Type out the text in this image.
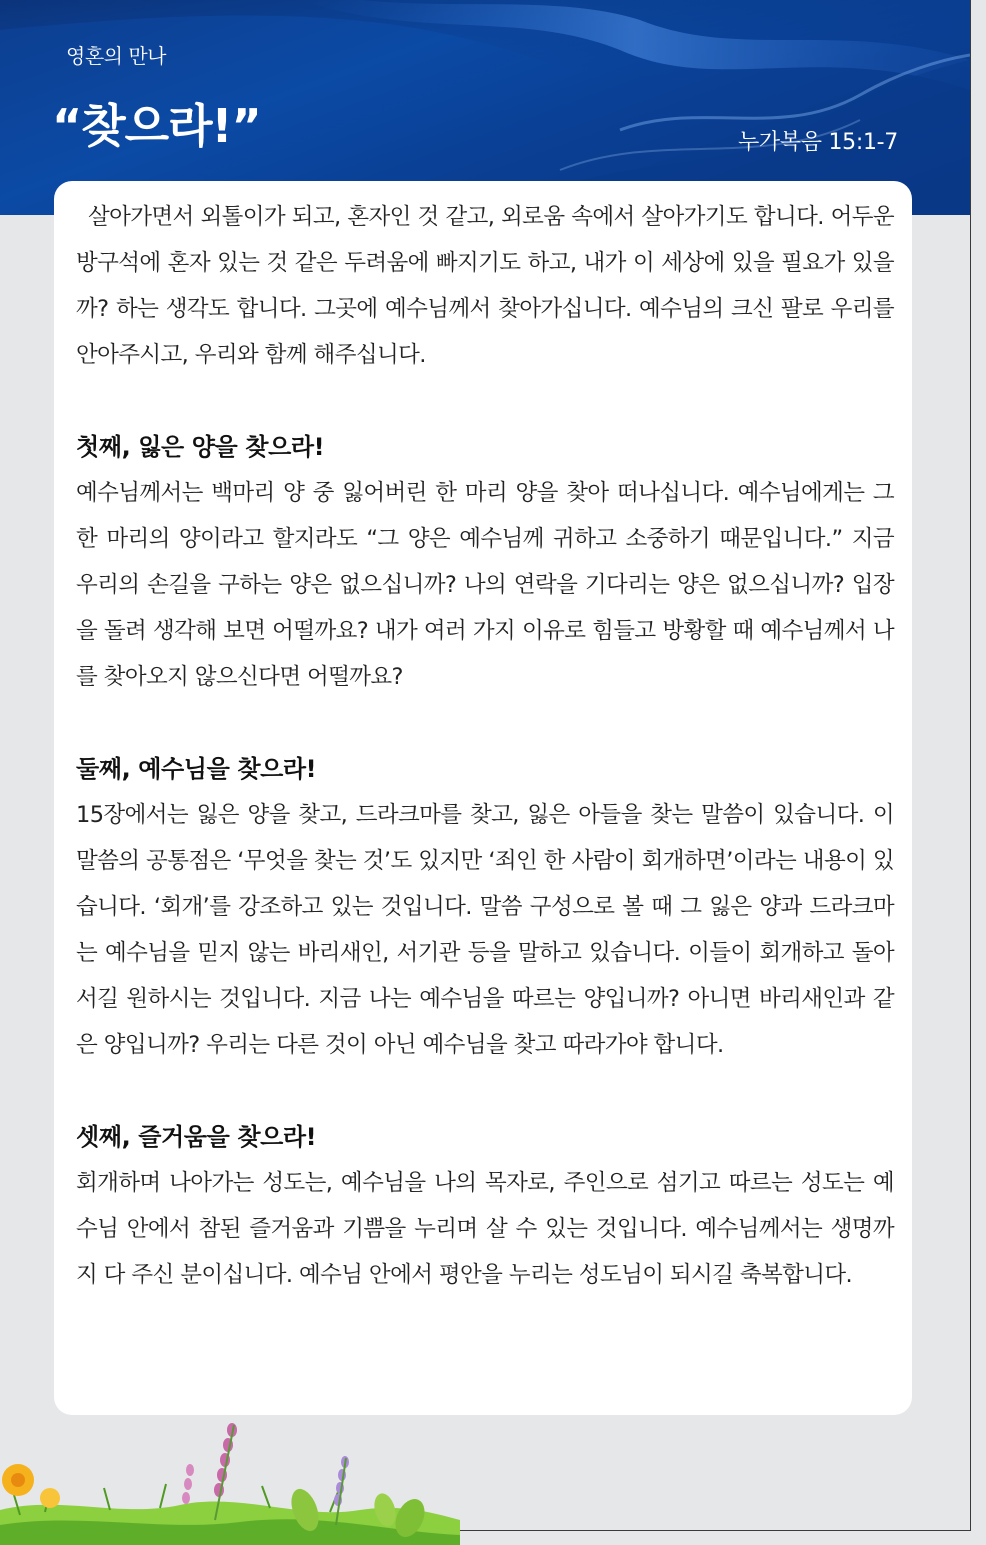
영혼의 만나
“찾으라!”	누가복음 15:1-7

살아가면서 외톨이가 되고, 혼자인 것 같고, 외로움 속에서 살아가기도 합니다. 어두운 방구석에 혼자 있는 것 같은 두려움에 빠지기도 하고, 내가 이 세상에 있을 필요가 있을까? 하는 생각도 합니다. 그곳에 예수님께서 찾아가십니다. 예수님의 크신 팔로 우리를 안아주시고, 우리와 함께 해주십니다.

첫째, 잃은 양을 찾으라!

예수님께서는 백마리 양 중 잃어버린 한 마리 양을 찾아 떠나십니다. 예수님에게는 그 한 마리의 양이라고 할지라도 “그 양은 예수님께 귀하고 소중하기 때문입니다.” 지금 우리의 손길을 구하는 양은 없으십니까? 나의 연락을 기다리는 양은 없으십니까? 입장을 돌려 생각해 보면 어떨까요? 내가 여러 가지 이유로 힘들고 방황할 때 예수님께서 나를 찾아오지 않으신다면 어떨까요?

둘째, 예수님을 찾으라!

15장에서는 잃은 양을 찾고, 드라크마를 찾고, 잃은 아들을 찾는 말씀이 있습니다. 이 말씀의 공통점은 ‘무엇을 찾는 것’도 있지만 ‘죄인 한 사람이 회개하면’이라는 내용이 있습니다. ‘회개’를 강조하고 있는 것입니다. 말씀 구성으로 볼 때 그 잃은 양과 드라크마는 예수님을 믿지 않는 바리새인, 서기관 등을 말하고 있습니다. 이들이 회개하고 돌아서길 원하시는 것입니다. 지금 나는 예수님을 따르는 양입니까? 아니면 바리새인과 같은 양입니까? 우리는 다른 것이 아닌 예수님을 찾고 따라가야 합니다.

셋째, 즐거움을 찾으라!

회개하며 나아가는 성도는, 예수님을 나의 목자로, 주인으로 섬기고 따르는 성도는 예수님 안에서 참된 즐거움과 기쁨을 누리며 살 수 있는 것입니다. 예수님께서는 생명까지 다 주신 분이십니다. 예수님 안에서 평안을 누리는 성도님이 되시길 축복합니다.
